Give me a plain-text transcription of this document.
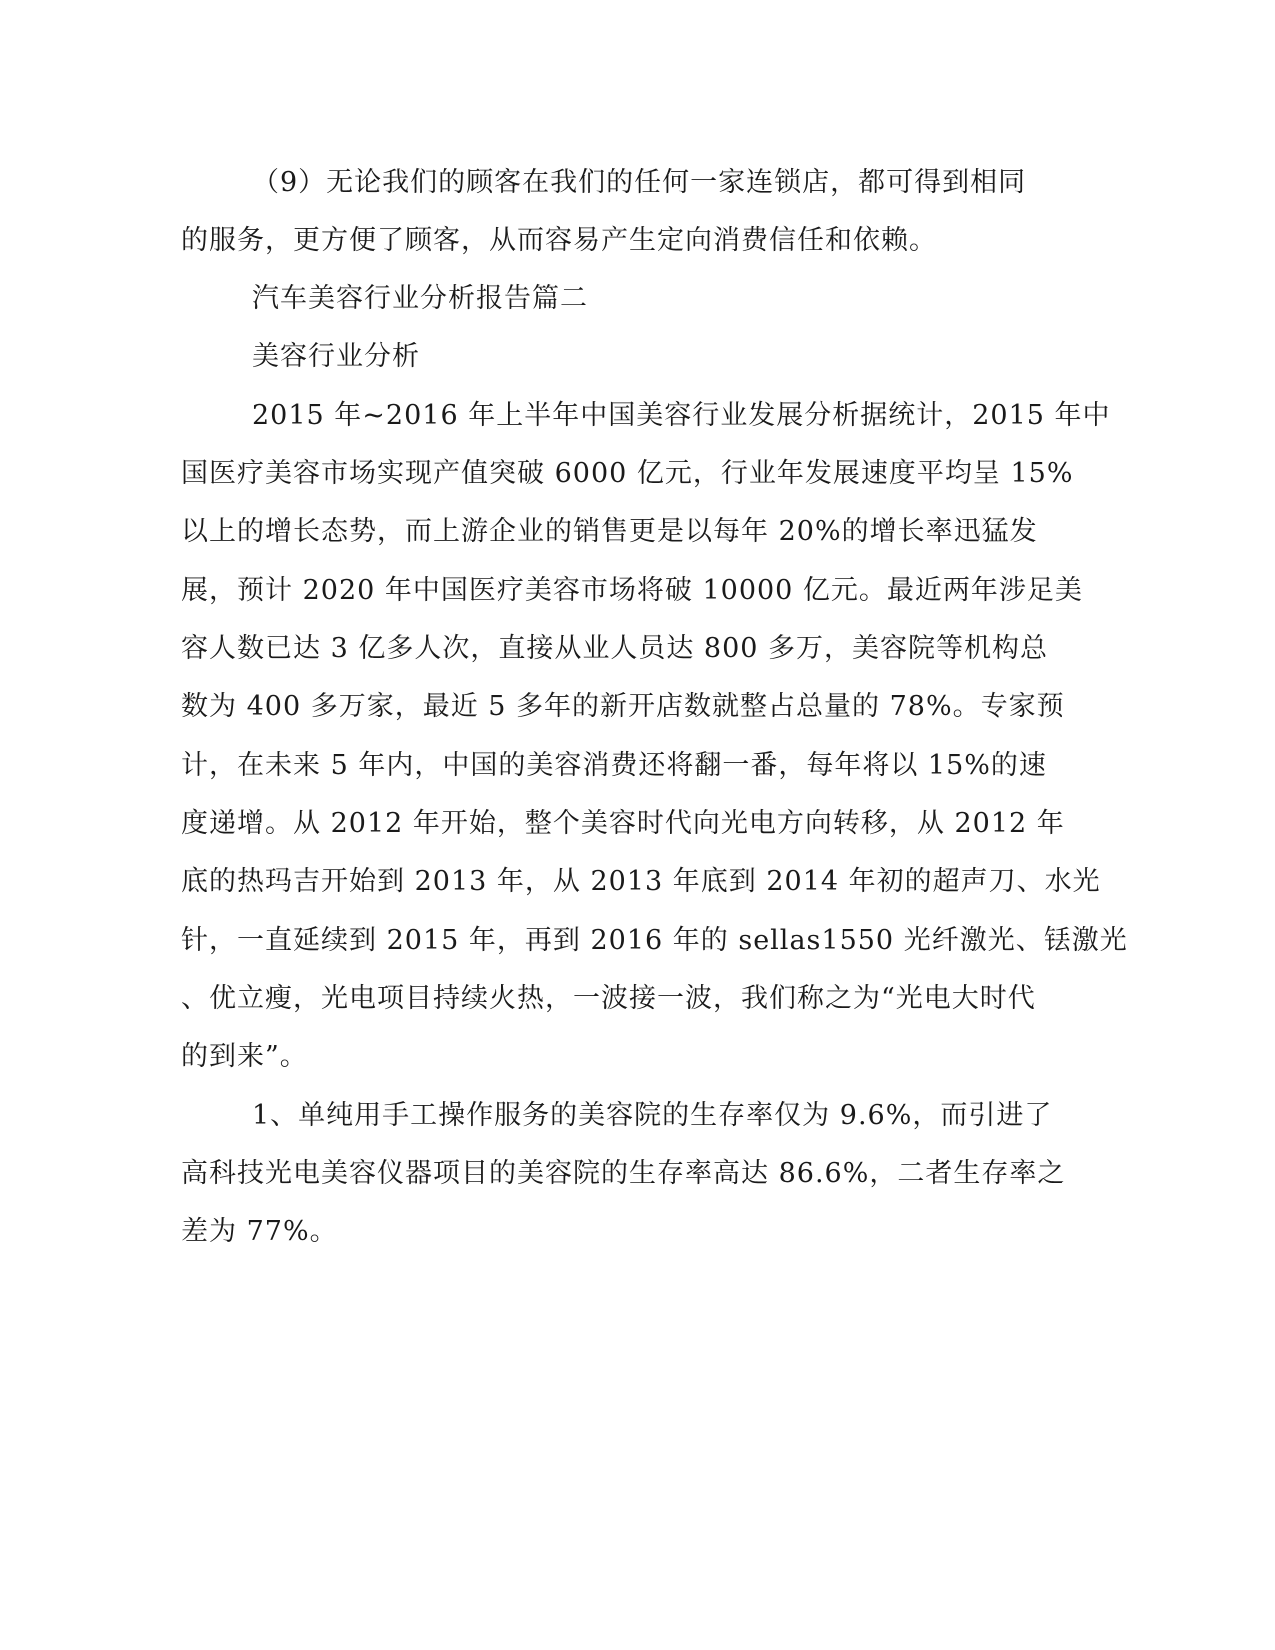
（9）无论我们的顾客在我们的任何一家连锁店，都可得到相同
的服务，更方便了顾客，从而容易产生定向消费信任和依赖。
汽车美容行业分析报告篇二
美容行业分析
2015 年~2016 年上半年中国美容行业发展分析据统计，2015 年中
国医疗美容市场实现产值突破 6000 亿元，行业年发展速度平均呈 15%
以上的增长态势，而上游企业的销售更是以每年 20%的增长率迅猛发
展，预计 2020 年中国医疗美容市场将破 10000 亿元。最近两年涉足美
容人数已达 3 亿多人次，直接从业人员达 800 多万，美容院等机构总
数为 400 多万家，最近 5 多年的新开店数就整占总量的 78%。专家预
计，在未来 5 年内，中国的美容消费还将翻一番，每年将以 15%的速
度递增。从 2012 年开始，整个美容时代向光电方向转移，从 2012 年
底的热玛吉开始到 2013 年，从 2013 年底到 2014 年初的超声刀、水光
针，一直延续到 2015 年，再到 2016 年的 sellas1550 光纤激光、铥激光
、优立瘦，光电项目持续火热，一波接一波，我们称之为“光电大时代
的到来”。
1、单纯用手工操作服务的美容院的生存率仅为 9.6%，而引进了
高科技光电美容仪器项目的美容院的生存率高达 86.6%，二者生存率之
差为 77%。
